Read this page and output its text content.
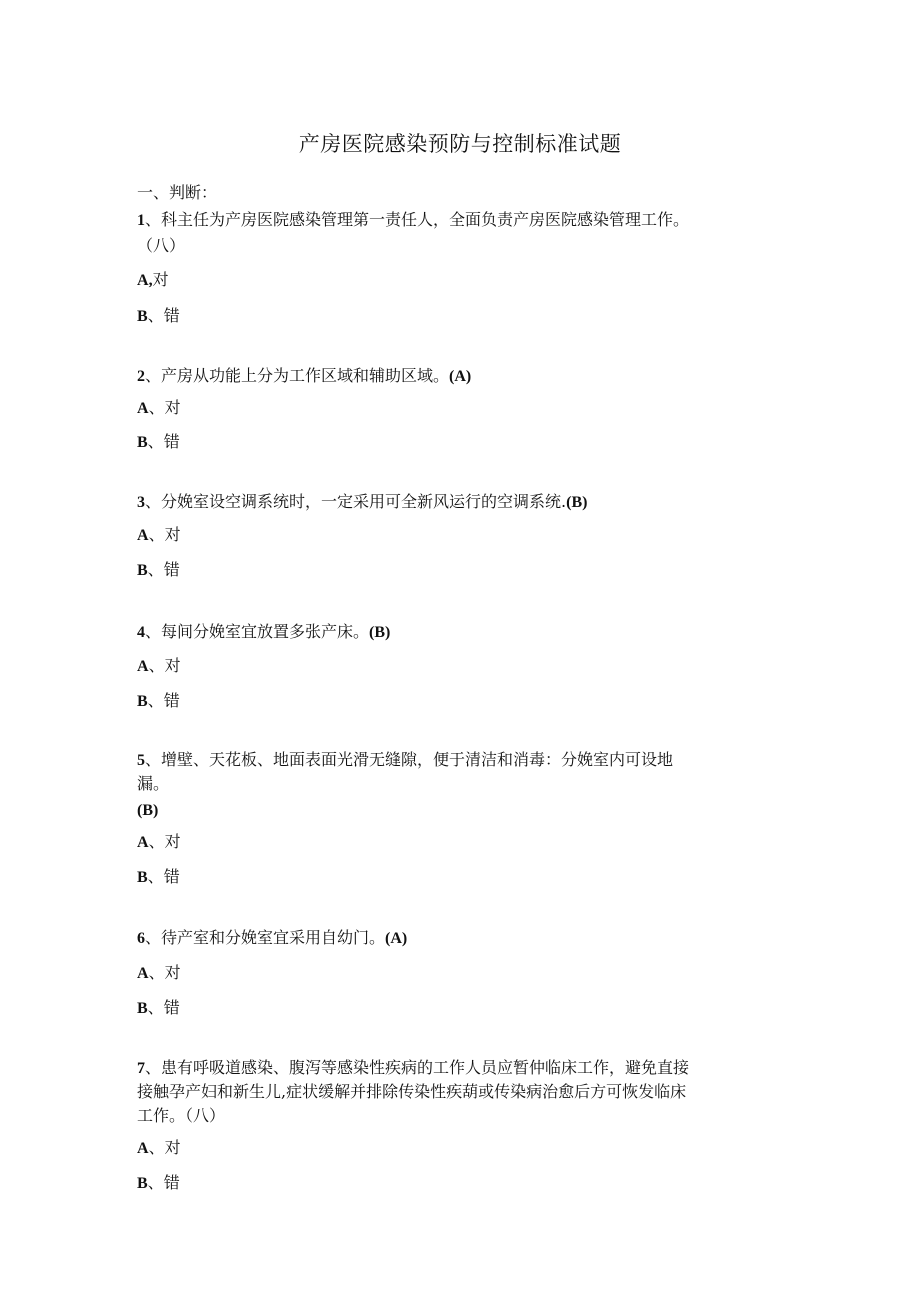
产房医院感染预防与控制标准试题
一、判断：
1、科主任为产房医院感染管理第一责任人，全面负责产房医院感染管理工作。
（八）
A,对
B、错
2、产房从功能上分为工作区域和辅助区域。(A)
A、对
B、错
3、分娩室设空调系统时，一定采用可全新风运行的空调系统.(B)
A、对
B、错
4、每间分娩室宜放置多张产床。(B)
A、对
B、错
5、增壁、天花板、地面表面光滑无缝隙，便于清洁和消毒：分娩室内可设地
漏。
(B)
A、对
B、错
6、待产室和分娩室宜采用自幼门。(A)
A、对
B、错
7、患有呼吸道感染、腹泻等感染性疾病的工作人员应暂仲临床工作，避免直接
接触孕产妇和新生儿,症状缓解并排除传染性疾葫或传染病治愈后方可恢发临床
工作。（八）
A、对
B、错
